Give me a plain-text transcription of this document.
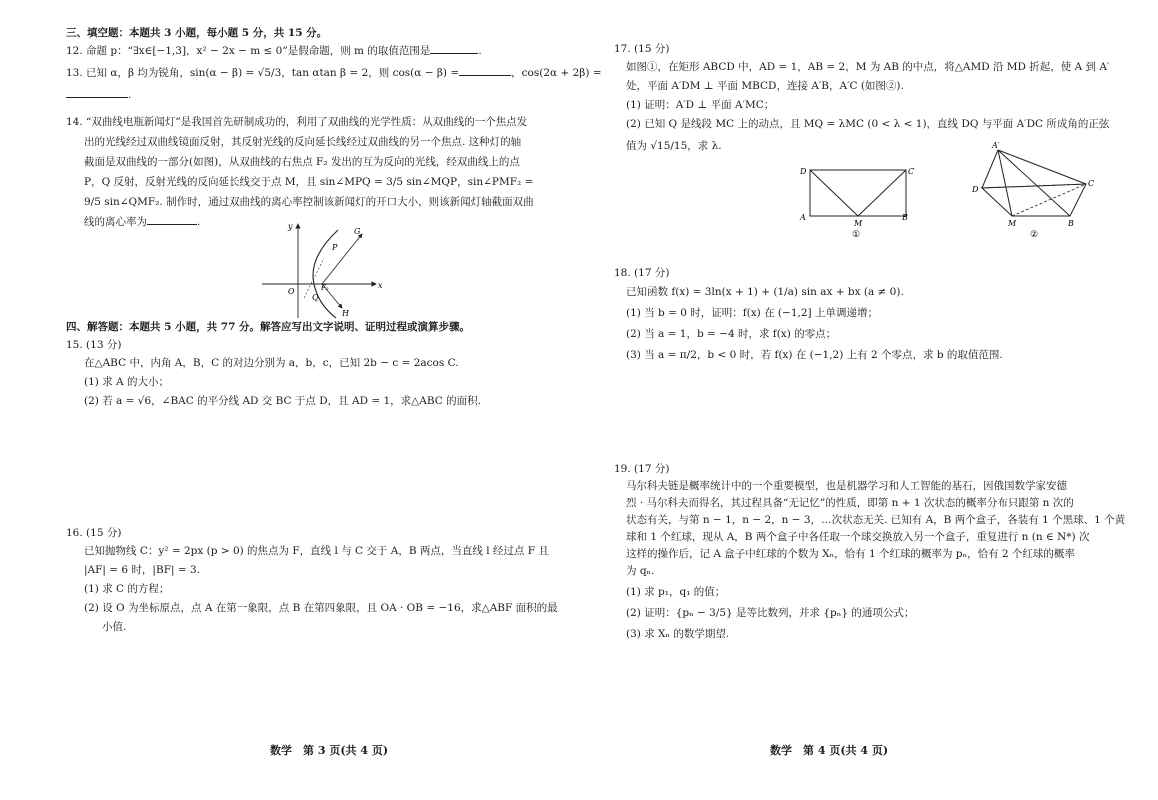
三、填空题：本题共 3 小题，每小题 5 分，共 15 分。
12. 命题 p：“∃x∈[−1,3]，x² − 2x − m ≤ 0”是假命题，则 m 的取值范围是	.
13. 已知 α，β 均为锐角，sin(α − β) = √5/3，tan αtan β = 2，则 cos(α − β) =	，cos(2α + 2β) =
.
14. “双曲线电瓶新闻灯”是我国首先研制成功的，利用了双曲线的光学性质：从双曲线的一个焦点发
出的光线经过双曲线镜面反射，其反射光线的反向延长线经过双曲线的另一个焦点. 这种灯的轴
截面是双曲线的一部分(如图)，从双曲线的右焦点 F₂ 发出的互为反向的光线，经双曲线上的点
P，Q 反射，反射光线的反向延长线交于点 M，且 sin∠MPQ = 3/5 sin∠MQP，sin∠PMF₂ =
9/5 sin∠QMF₂. 制作时，通过双曲线的离心率控制该新闻灯的开口大小，则该新闻灯轴截面双曲
线的离心率为	.	y
x
O
G
P
Q
H
F₂
四、解答题：本题共 5 小题，共 77 分。解答应写出文字说明、证明过程或演算步骤。
15. (13 分)
在△ABC 中，内角 A，B，C 的对边分别为 a，b，c，已知 2b − c = 2acos C.
(1) 求 A 的大小；
(2) 若 a = √6，∠BAC 的平分线 AD 交 BC 于点 D，且 AD = 1，求△ABC 的面积.
16. (15 分)
已知抛物线 C：y² = 2px (p > 0) 的焦点为 F，直线 l 与 C 交于 A，B 两点，当直线 l 经过点 F 且
|AF| = 6 时，|BF| = 3.
(1) 求 C 的方程；
(2) 设 O 为坐标原点，点 A 在第一象限，点 B 在第四象限，且 OA · OB = −16，求△ABF 面积的最
小值.
数学　第 3 页(共 4 页)
17. (15 分)
如图①，在矩形 ABCD 中，AD = 1，AB = 2，M 为 AB 的中点，将△AMD 沿 MD 折起，使 A 到 A′
处，平面 A′DM ⊥ 平面 MBCD，连接 A′B，A′C (如图②).
(1) 证明：A′D ⊥ 平面 A′MC；
(2) 已知 Q 是线段 MC 上的动点，且 MQ = λMC (0 < λ < 1)，直线 DQ 与平面 A′DC 所成角的正弦
值为 √15/15，求 λ.
D	C
A
M
B
①
A′
D
C
M	B
②
18. (17 分)
已知函数 f(x) = 3ln(x + 1) + (1/a) sin ax + bx (a ≠ 0).
(1) 当 b = 0 时，证明：f(x) 在 (−1,2] 上单调递增；
(2) 当 a = 1，b = −4 时，求 f(x) 的零点；
(3) 当 a = π/2，b < 0 时，若 f(x) 在 (−1,2) 上有 2 个零点，求 b 的取值范围.
19. (17 分)
马尔科夫链是概率统计中的一个重要模型，也是机器学习和人工智能的基石，因俄国数学家安德
烈 · 马尔科夫而得名，其过程具备“无记忆”的性质，即第 n + 1 次状态的概率分布只跟第 n 次的
状态有关，与第 n − 1，n − 2，n − 3，…次状态无关. 已知有 A，B 两个盒子，各装有 1 个黑球、1 个黄
球和 1 个红球，现从 A，B 两个盒子中各任取一个球交换放入另一个盒子，重复进行 n (n ∈ N*) 次
这样的操作后，记 A 盒子中红球的个数为 Xₙ，恰有 1 个红球的概率为 pₙ，恰有 2 个红球的概率
为 qₙ.
(1) 求 p₁，q₁ 的值；
(2) 证明：{pₙ − 3/5} 是等比数列，并求 {pₙ} 的通项公式；
(3) 求 Xₙ 的数学期望.
数学　第 4 页(共 4 页)
